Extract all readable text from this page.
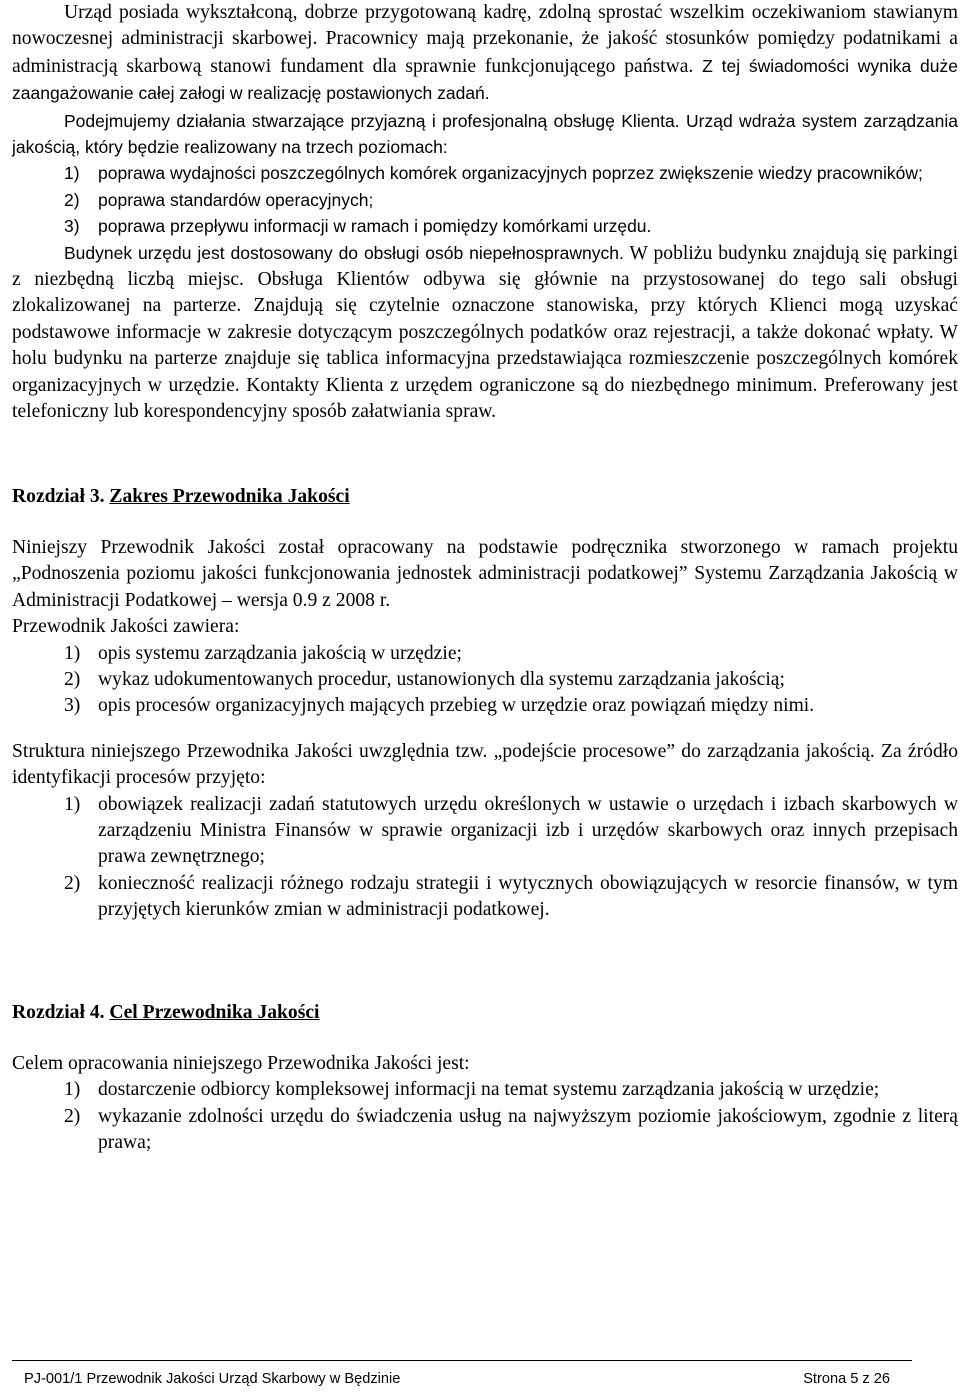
Urząd posiada wykształconą, dobrze przygotowaną kadrę, zdolną sprostać wszelkim oczekiwaniom stawianym nowoczesnej administracji skarbowej. Pracownicy mają przekonanie, że jakość stosunków pomiędzy podatnikami a administracją skarbową stanowi fundament dla sprawnie funkcjonującego państwa. Z tej świadomości wynika duże zaangażowanie całej załogi w realizację postawionych zadań.

Podejmujemy działania stwarzające przyjazną i profesjonalną obsługę Klienta. Urząd wdraża system zarządzania jakością, który będzie realizowany na trzech poziomach:

1) poprawa wydajności poszczególnych komórek organizacyjnych poprzez zwiększenie wiedzy pracowników;
2) poprawa standardów operacyjnych;
3) poprawa przepływu informacji w ramach i pomiędzy komórkami urzędu.

Budynek urzędu jest dostosowany do obsługi osób niepełnosprawnych. W pobliżu budynku znajdują się parkingi z niezbędną liczbą miejsc. Obsługa Klientów odbywa się głównie na przystosowanej do tego sali obsługi zlokalizowanej na parterze. Znajdują się czytelnie oznaczone stanowiska, przy których Klienci mogą uzyskać podstawowe informacje w zakresie dotyczącym poszczególnych podatków oraz rejestracji, a także dokonać wpłaty. W holu budynku na parterze znajduje się tablica informacyjna przedstawiająca rozmieszczenie poszczególnych komórek organizacyjnych w urzędzie. Kontakty Klienta z urzędem ograniczone są do niezbędnego minimum. Preferowany jest telefoniczny lub korespondencyjny sposób załatwiania spraw.

Rozdział 3. Zakres Przewodnika Jakości

Niniejszy Przewodnik Jakości został opracowany na podstawie podręcznika stworzonego w ramach projektu „Podnoszenia poziomu jakości funkcjonowania jednostek administracji podatkowej” Systemu Zarządzania Jakością w Administracji Podatkowej – wersja 0.9 z 2008 r.

Przewodnik Jakości zawiera:

1) opis systemu zarządzania jakością w urzędzie;
2) wykaz udokumentowanych procedur, ustanowionych dla systemu zarządzania jakością;
3) opis procesów organizacyjnych mających przebieg w urzędzie oraz powiązań między nimi.

Struktura niniejszego Przewodnika Jakości uwzględnia tzw. „podejście procesowe” do zarządzania jakością. Za źródło identyfikacji procesów przyjęto:

1) obowiązek realizacji zadań statutowych urzędu określonych w ustawie o urzędach i izbach skarbowych w zarządzeniu Ministra Finansów w sprawie organizacji izb i urzędów skarbowych oraz innych przepisach prawa zewnętrznego;
2) konieczność realizacji różnego rodzaju strategii i wytycznych obowiązujących w resorcie finansów, w tym przyjętych kierunków zmian w administracji podatkowej.
Rozdział 4. Cel Przewodnika Jakości

Celem opracowania niniejszego Przewodnika Jakości jest:

1) dostarczenie odbiorcy kompleksowej informacji na temat systemu zarządzania jakością w urzędzie;
2) wykazanie zdolności urzędu do świadczenia usług na najwyższym poziomie jakościowym, zgodnie z literą prawa;
PJ-001/1 Przewodnik Jakości Urząd Skarbowy w Będzinie	Strona 5 z 26
